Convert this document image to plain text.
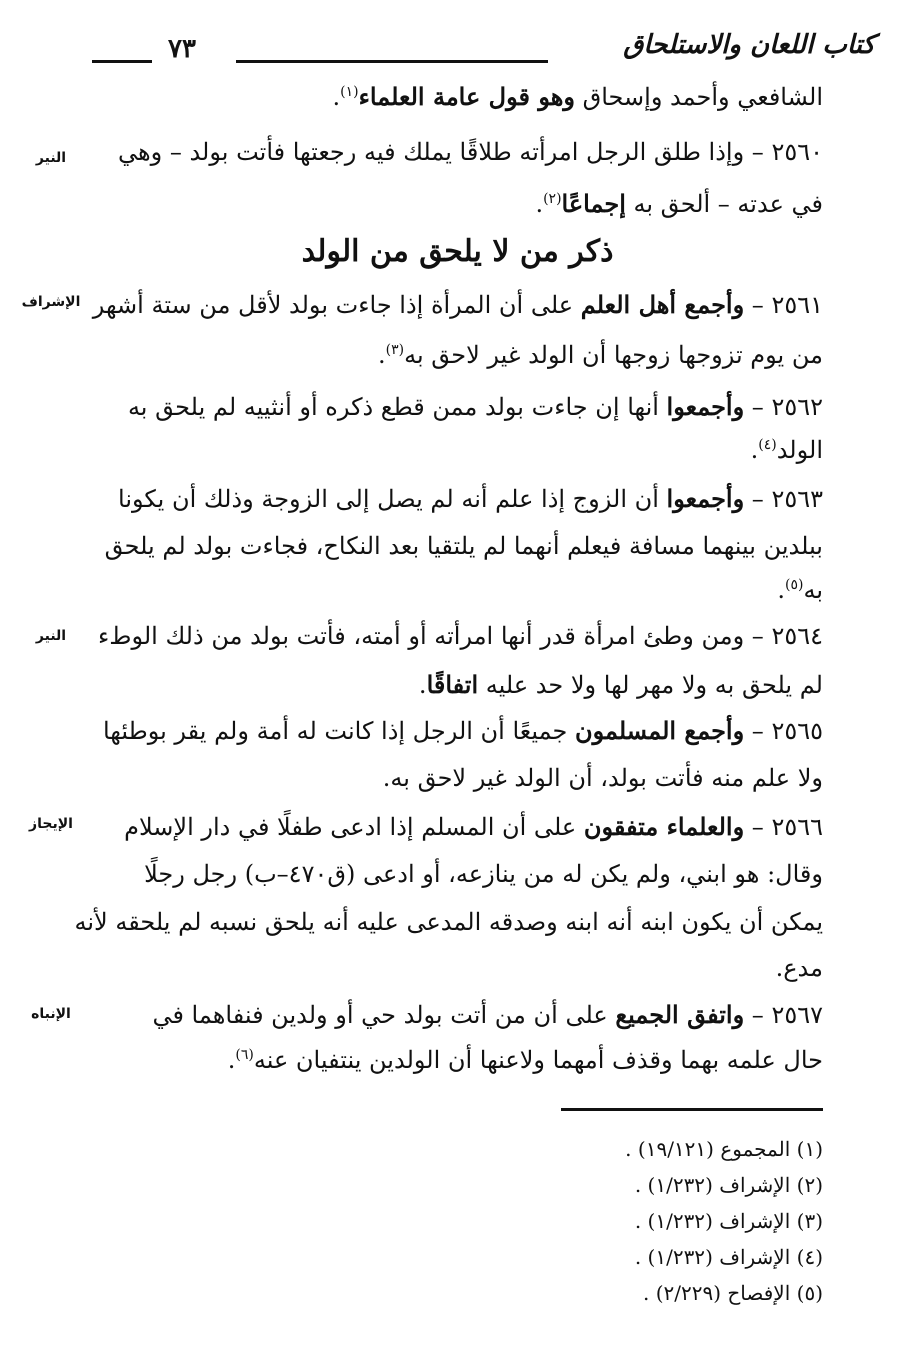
كتاب اللعان والاستلحاق
٧٣
ذكر من لا يلحق من الولد
الشافعي وأحمد وإسحاق وهو قول عامة العلماء$^{(١)}$.
٢٥٦٠ – وإذا طلق الرجل امرأته طلاقًا يملك فيه رجعتها فأتت بولد – وهي
في عدته – ألحق به إجماعًا$^{(٢)}$.
٢٥٦١ – وأجمع أهل العلم على أن المرأة إذا جاءت بولد لأقل من ستة أشهر
من يوم تزوجها زوجها أن الولد غير لاحق به$^{(٣)}$.
٢٥٦٢ – وأجمعوا أنها إن جاءت بولد ممن قطع ذكره أو أنثييه لم يلحق به
الولد$^{(٤)}$.
٢٥٦٣ – وأجمعوا أن الزوج إذا علم أنه لم يصل إلى الزوجة وذلك أن يكونا
ببلدين بينهما مسافة فيعلم أنهما لم يلتقيا بعد النكاح، فجاءت بولد لم يلحق
به$^{(٥)}$.
٢٥٦٤ – ومن وطئ امرأة قدر أنها امرأته أو أمته، فأتت بولد من ذلك الوطء
لم يلحق به ولا مهر لها ولا حد عليه اتفاقًا.
٢٥٦٥ – وأجمع المسلمون جميعًا أن الرجل إذا كانت له أمة ولم يقر بوطئها
ولا علم منه فأتت بولد، أن الولد غير لاحق به.
٢٥٦٦ – والعلماء متفقون على أن المسلم إذا ادعى طفلًا في دار الإسلام
وقال: هو ابني، ولم يكن له من ينازعه، أو ادعى (ق٤٧٠–ب) رجل رجلًا
يمكن أن يكون ابنه أنه ابنه وصدقه المدعى عليه أنه يلحق نسبه لم يلحقه لأنه
مدع.
٢٥٦٧ – واتفق الجميع على أن من أتت بولد حي أو ولدين فنفاهما في
حال علمه بهما وقذف أمهما ولاعنها أن الولدين ينتفيان عنه$^{(٦)}$.
النير
الإشراف
النير
الإيجاز
الإنباه
(١) المجموع (١٩/١٢١) .
(٢) الإشراف (١/٢٣٢) .
(٣) الإشراف (١/٢٣٢) .
(٤) الإشراف (١/٢٣٢) .
(٥) الإفصاح (٢/٢٢٩) .
